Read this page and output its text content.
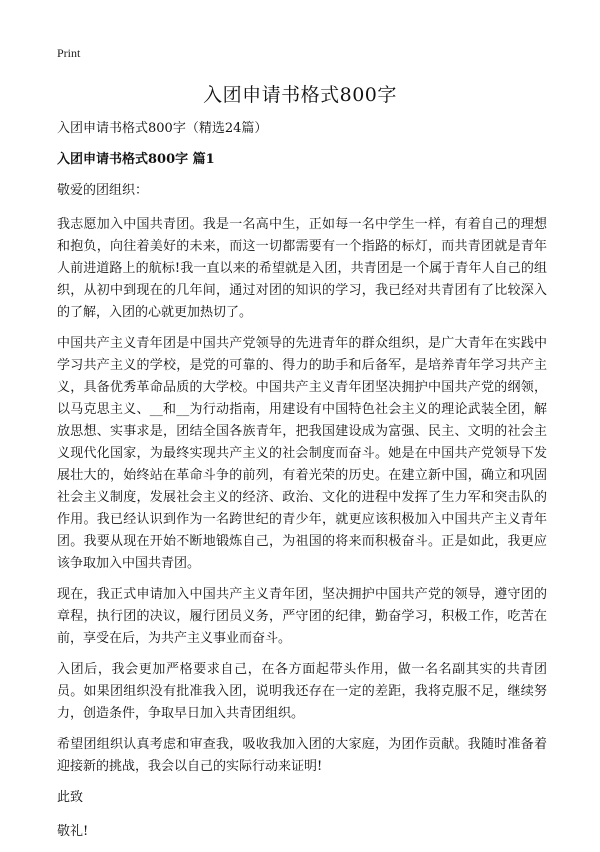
Print
入团申请书格式800字

入团申请书格式800字（精选24篇）

入团申请书格式800字 篇1

敬爱的团组织：

我志愿加入中国共青团。我是一名高中生，正如每一名中学生一样，有着自己的理想和抱负，向往着美好的未来，而这一切都需要有一个指路的标灯，而共青团就是青年人前进道路上的航标!我一直以来的希望就是入团，共青团是一个属于青年人自己的组织，从初中到现在的几年间，通过对团的知识的学习，我已经对共青团有了比较深入的了解，入团的心就更加热切了。

中国共产主义青年团是中国共产党领导的先进青年的群众组织，是广大青年在实践中学习共产主义的学校，是党的可靠的、得力的助手和后备军，是培养青年学习共产主义，具备优秀革命品质的大学校。中国共产主义青年团坚决拥护中国共产党的纲领，以马克思主义、__和__为行动指南，用建设有中国特色社会主义的理论武装全团，解放思想、实事求是，团结全国各族青年，把我国建设成为富强、民主、文明的社会主义现代化国家，为最终实现共产主义的社会制度而奋斗。她是在中国共产党领导下发展壮大的，始终站在革命斗争的前列，有着光荣的历史。在建立新中国，确立和巩固社会主义制度，发展社会主义的经济、政治、文化的进程中发挥了生力军和突击队的作用。我已经认识到作为一名跨世纪的青少年，就更应该积极加入中国共产主义青年团。我要从现在开始不断地锻炼自己，为祖国的将来而积极奋斗。正是如此，我更应该争取加入中国共青团。

现在，我正式申请加入中国共产主义青年团，坚决拥护中国共产党的领导，遵守团的章程，执行团的决议，履行团员义务，严守团的纪律，勤奋学习，积极工作，吃苦在前，享受在后，为共产主义事业而奋斗。

入团后，我会更加严格要求自己，在各方面起带头作用，做一名名副其实的共青团员。如果团组织没有批准我入团，说明我还存在一定的差距，我将克服不足，继续努力，创造条件，争取早日加入共青团组织。

希望团组织认真考虑和审查我，吸收我加入团的大家庭，为团作贡献。我随时准备着迎接新的挑战，我会以自己的实际行动来证明!

此致

敬礼!
